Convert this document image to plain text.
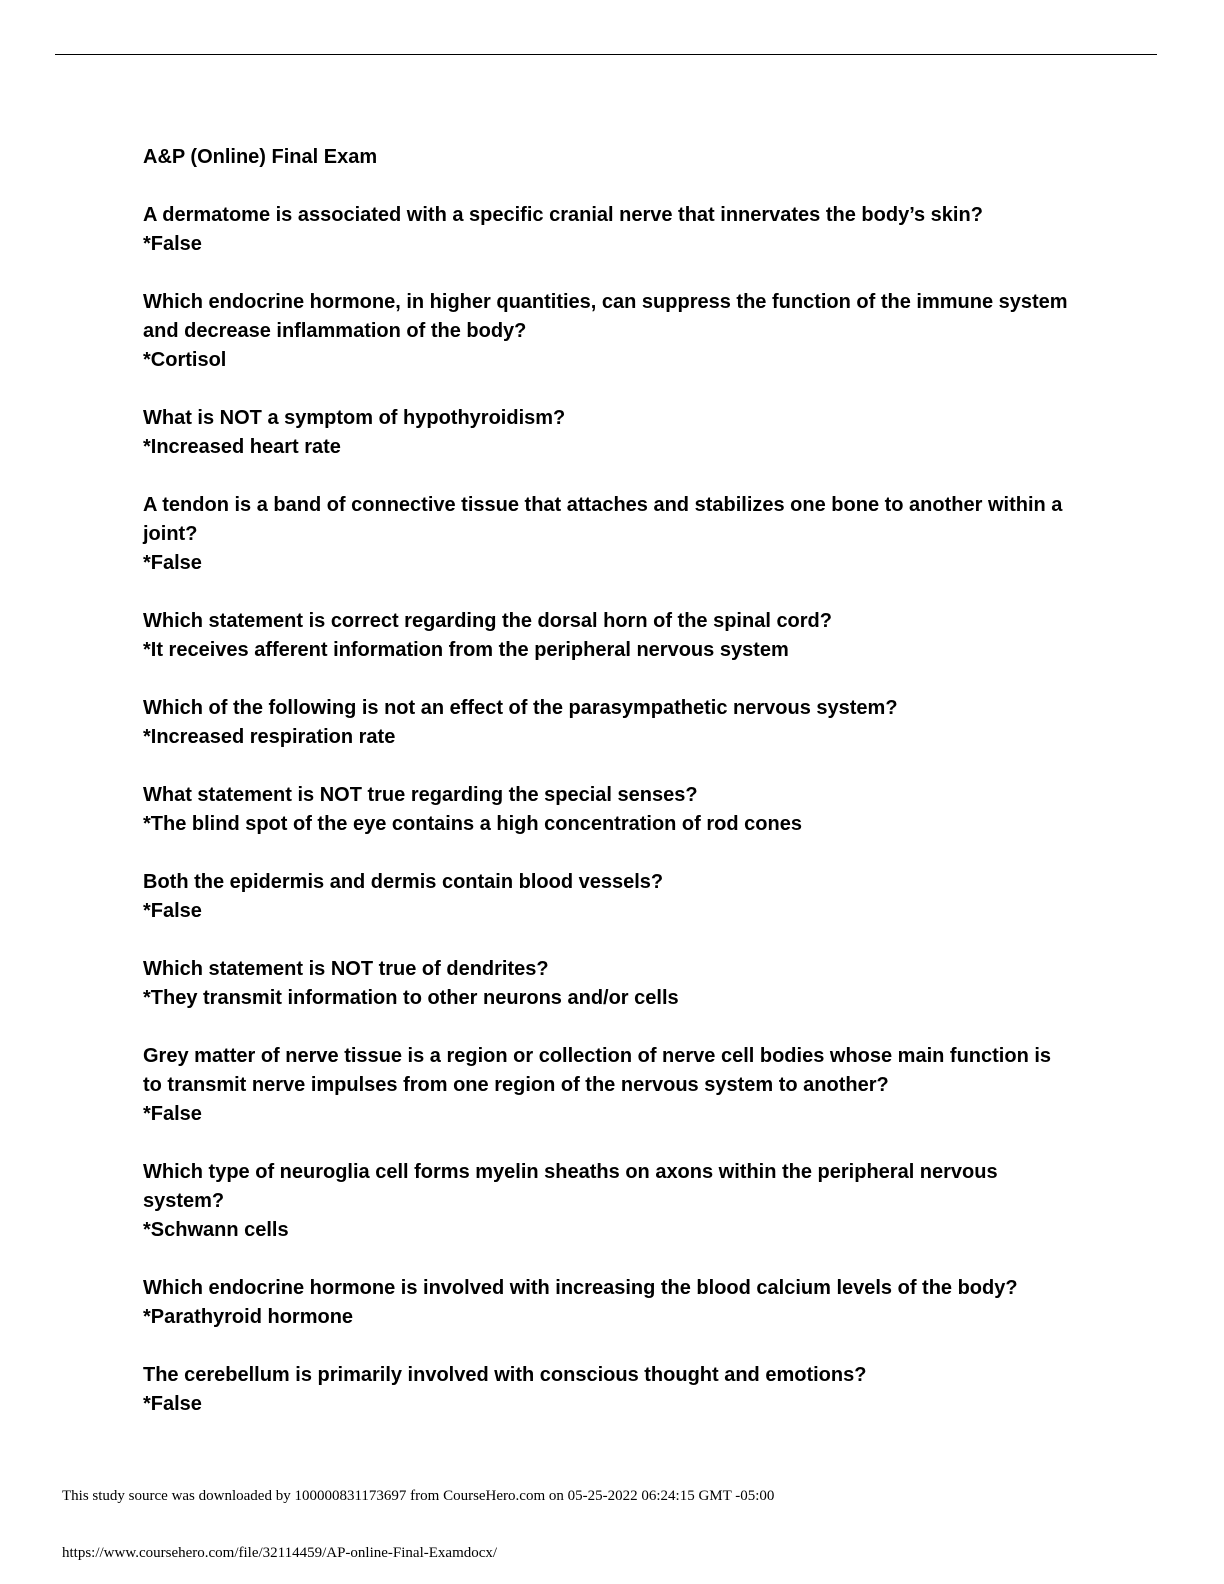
A&P (Online) Final Exam
A dermatome is associated with a specific cranial nerve that innervates the body’s skin?
*False
Which endocrine hormone, in higher quantities, can suppress the function of the immune system and decrease inflammation of the body?
*Cortisol
What is NOT a symptom of hypothyroidism?
*Increased heart rate
A tendon is a band of connective tissue that attaches and stabilizes one bone to another within a joint?
*False
Which statement is correct regarding the dorsal horn of the spinal cord?
*It receives afferent information from the peripheral nervous system
Which of the following is not an effect of the parasympathetic nervous system?
*Increased respiration rate
What statement is NOT true regarding the special senses?
*The blind spot of the eye contains a high concentration of rod cones
Both the epidermis and dermis contain blood vessels?
*False
Which statement is NOT true of dendrites?
*They transmit information to other neurons and/or cells
Grey matter of nerve tissue is a region or collection of nerve cell bodies whose main function is to transmit nerve impulses from one region of the nervous system to another?
*False
Which type of neuroglia cell forms myelin sheaths on axons within the peripheral nervous system?
*Schwann cells
Which endocrine hormone is involved with increasing the blood calcium levels of the body?
*Parathyroid hormone
The cerebellum is primarily involved with conscious thought and emotions?
*False
This study source was downloaded by 100000831173697 from CourseHero.com on 05-25-2022 06:24:15 GMT -05:00
https://www.coursehero.com/file/32114459/AP-online-Final-Examdocx/
